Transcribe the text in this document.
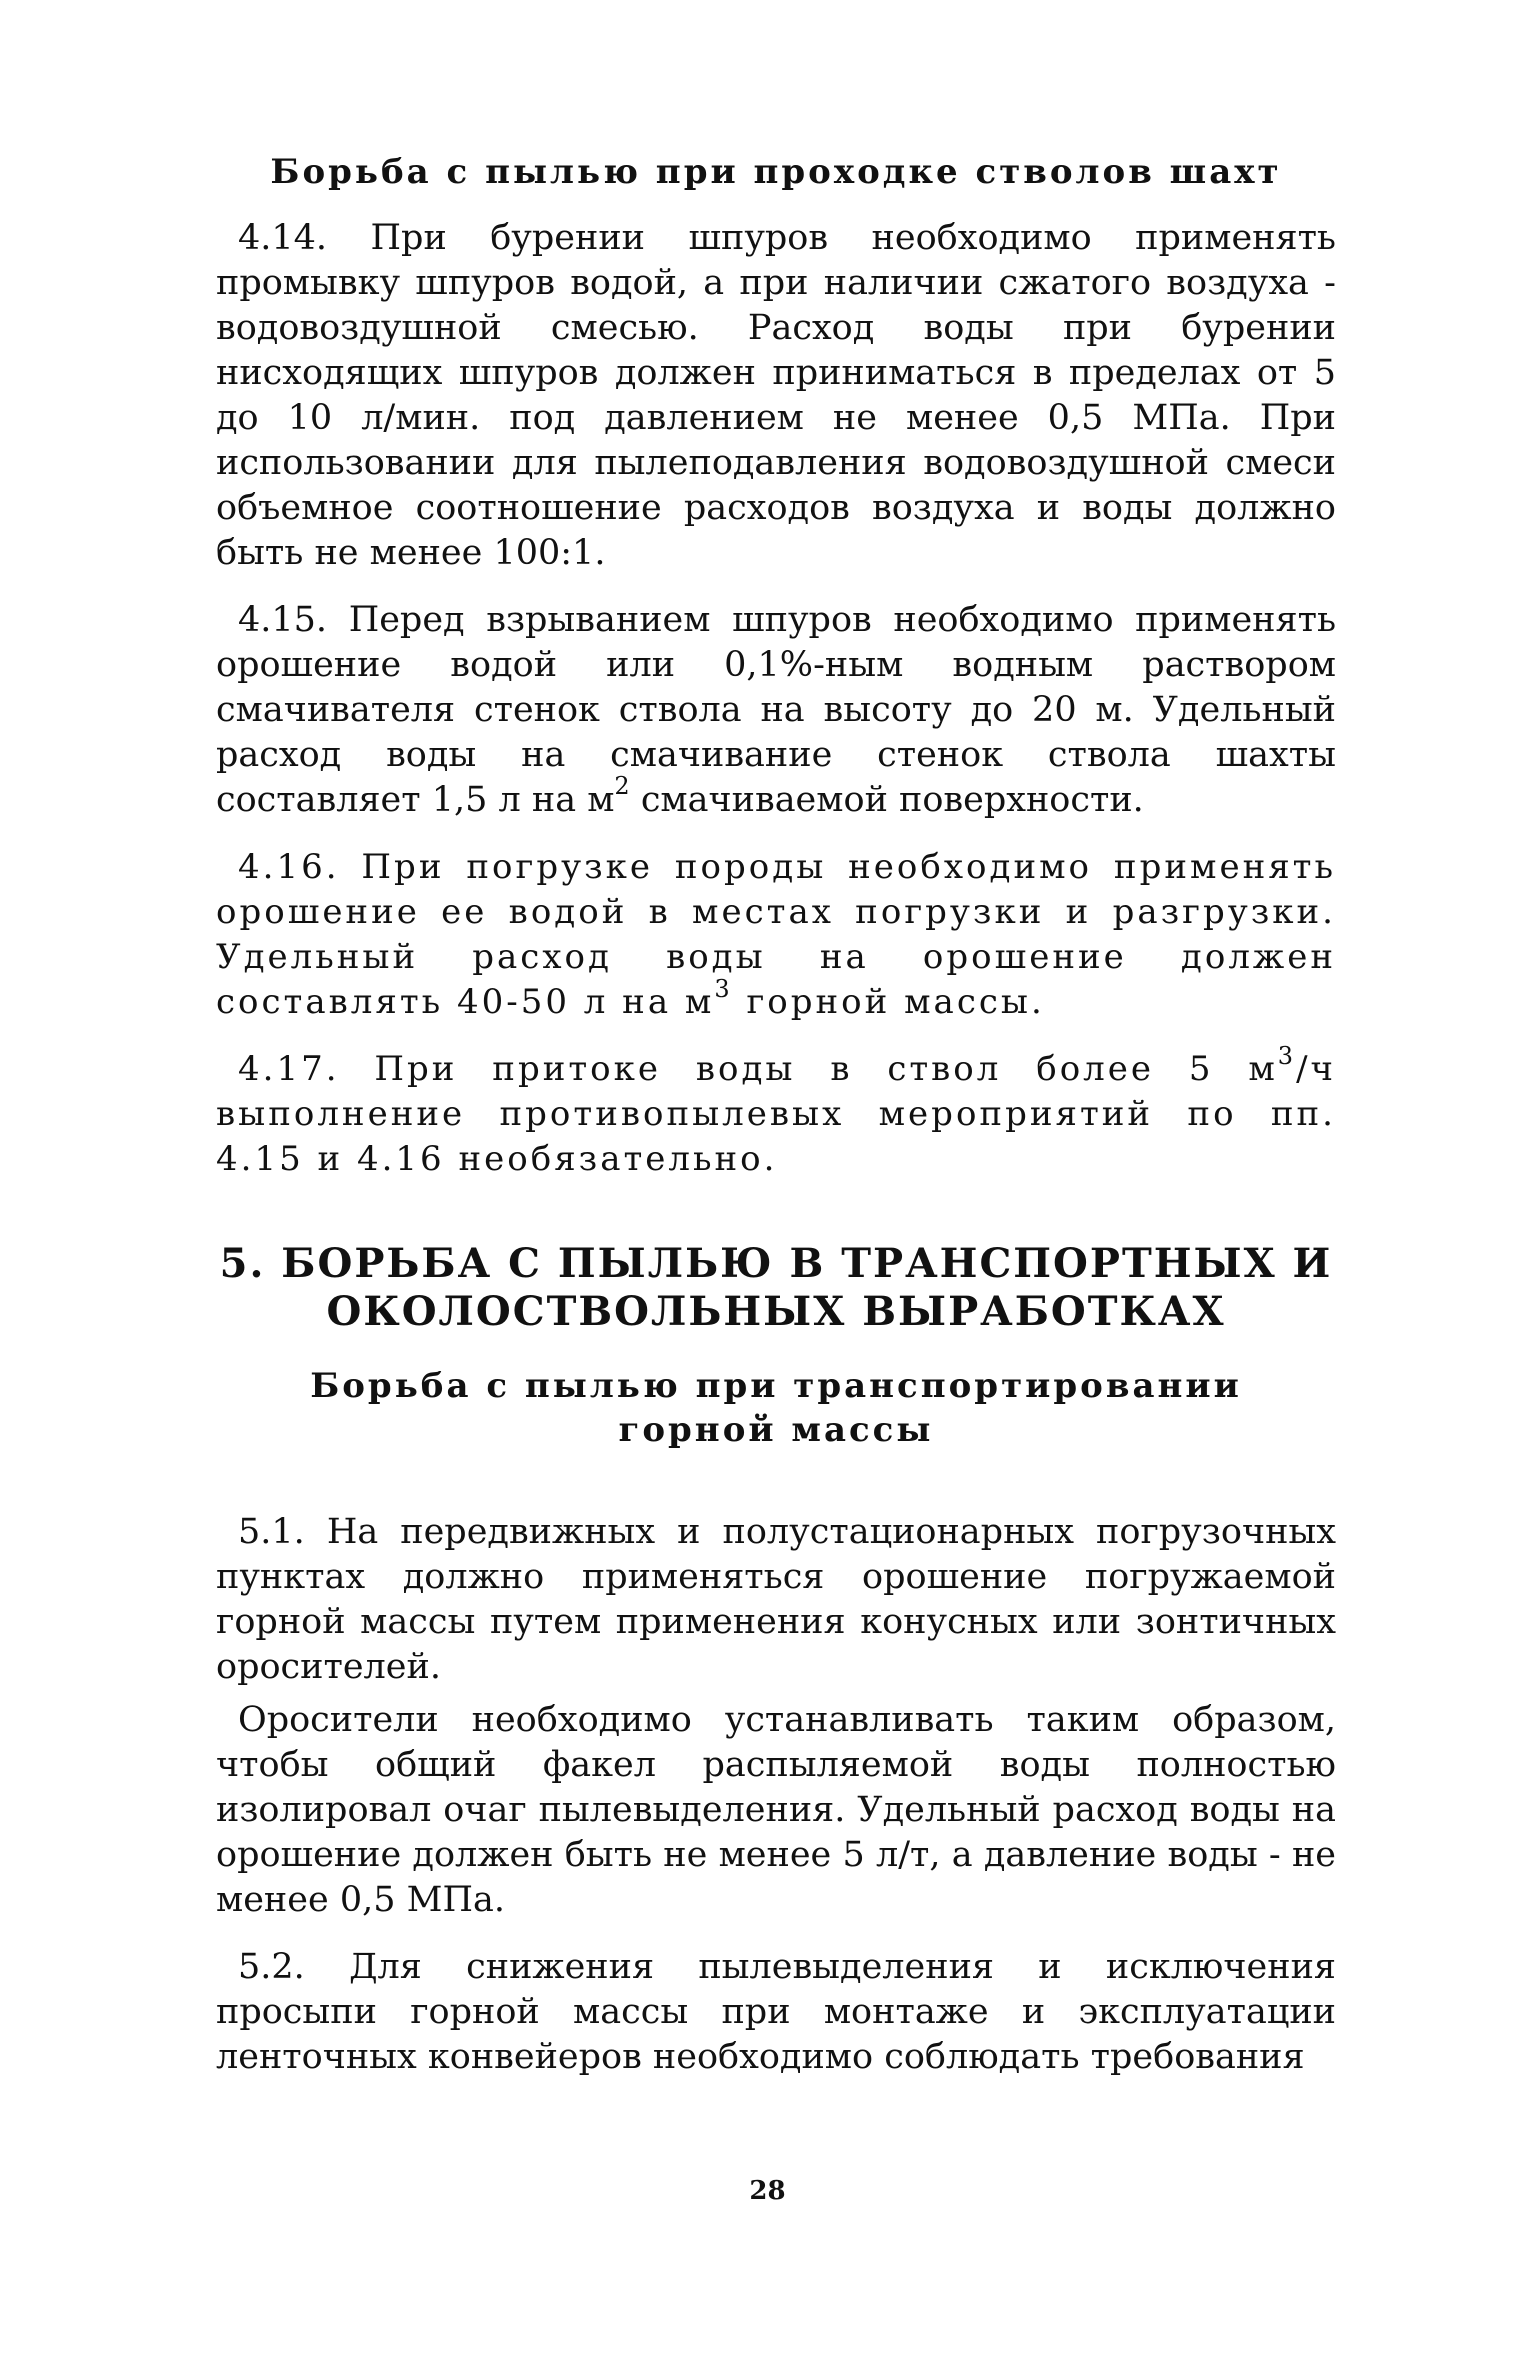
Борьба с пылью при проходке стволов шахт

4.14. При бурении шпуров необходимо применять промывку шпуров водой, а при наличии сжатого воздуха - водовоздушной смесью. Расход воды при бурении нисходящих шпуров должен приниматься в пределах от 5 до 10 л/мин. под давлением не менее 0,5 МПа. При использовании для пылеподавления водовоздушной смеси объемное соотношение расходов воздуха и воды должно быть не менее 100:1.

4.15. Перед взрыванием шпуров необходимо применять орошение водой или 0,1%-ным водным раствором смачивателя стенок ствола на высоту до 20 м. Удельный расход воды на смачивание стенок ствола шахты составляет 1,5 л на $м^2$ смачиваемой поверхности.

4.16. При погрузке породы необходимо применять орошение ее водой в местах погрузки и разгрузки. Удельный расход воды на орошение должен составлять 40-50 л на $м^3$ горной массы.

4.17. При притоке воды в ствол более 5 $м^3/ч$ выполнение противопылевых мероприятий по пп. 4.15 и 4.16 необязательно.

5. БОРЬБА С ПЫЛЬЮ В ТРАНСПОРТНЫХ И

ОКОЛОСТВОЛЬНЫХ ВЫРАБОТКАХ

Борьба с пылью при транспортировании

горной массы

5.1. На передвижных и полустационарных погрузочных пунктах должно применяться орошение погружаемой горной массы путем применения конусных или зонтичных оросителей.

Оросители необходимо устанавливать таким образом, чтобы общий факел распыляемой воды полностью изолировал очаг пылевыделения. Удельный расход воды на орошение должен быть не менее 5 л/т, а давление воды - не менее 0,5 МПа.

5.2. Для снижения пылевыделения и исключения просыпи горной массы при монтаже и эксплуатации ленточных конвейеров необходимо соблюдать требования

28
